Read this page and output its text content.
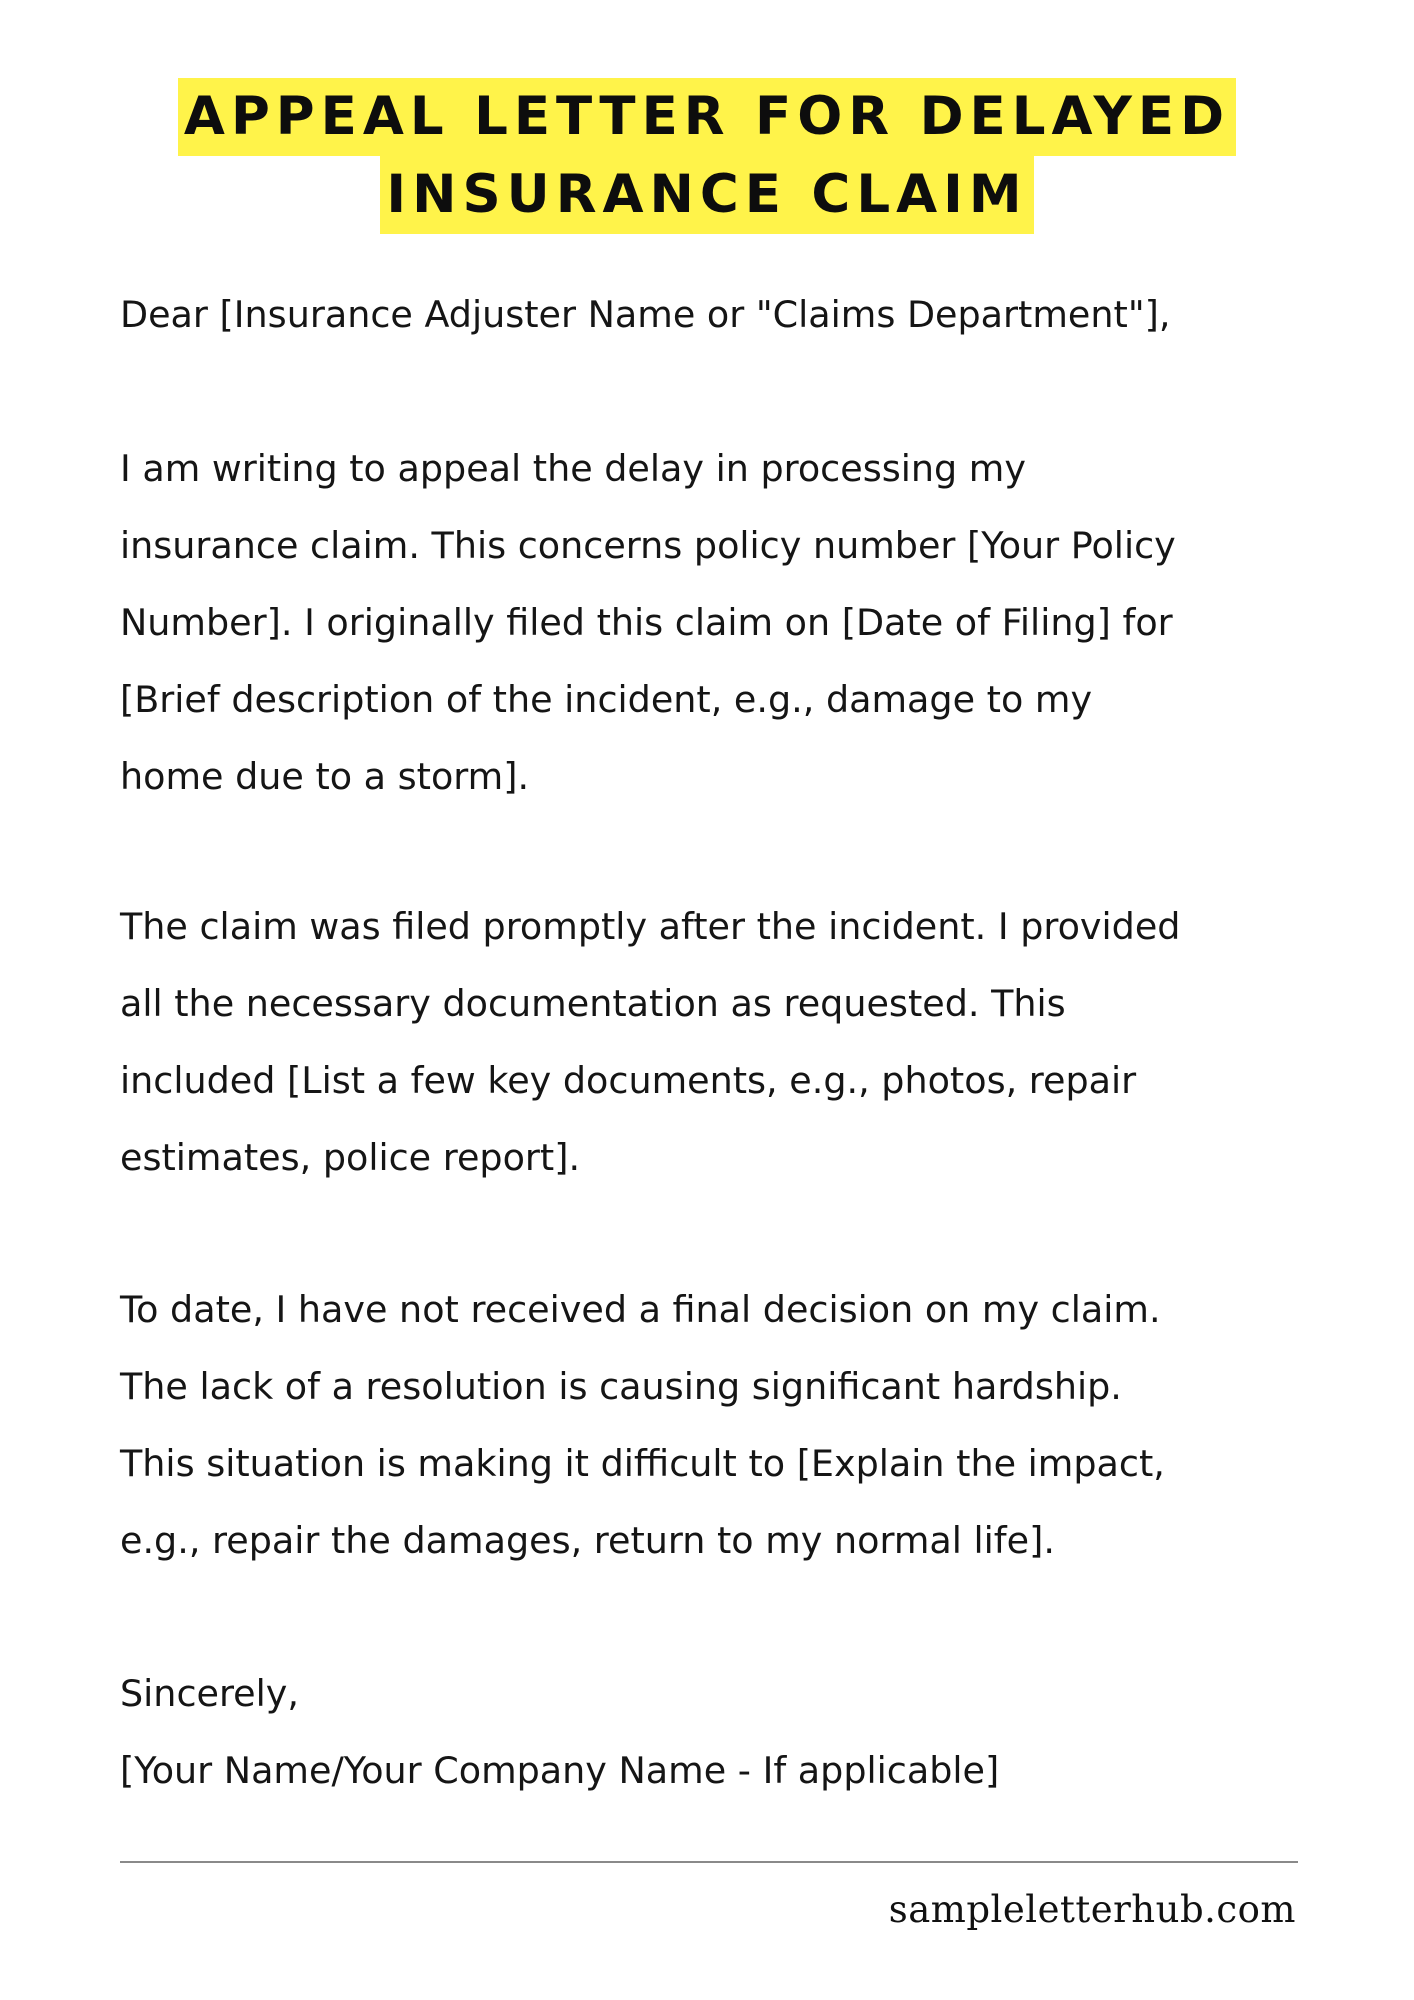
APPEAL LETTER FOR DELAYED
INSURANCE CLAIM
Dear [Insurance Adjuster Name or "Claims Department"],
I am writing to appeal the delay in processing my
insurance claim. This concerns policy number [Your Policy
Number]. I originally filed this claim on [Date of Filing] for
[Brief description of the incident, e.g., damage to my
home due to a storm].
The claim was filed promptly after the incident. I provided
all the necessary documentation as requested. This
included [List a few key documents, e.g., photos, repair
estimates, police report].
To date, I have not received a final decision on my claim.
The lack of a resolution is causing significant hardship.
This situation is making it difficult to [Explain the impact,
e.g., repair the damages, return to my normal life].
Sincerely,
[Your Name/Your Company Name - If applicable]
sampleletterhub.com
